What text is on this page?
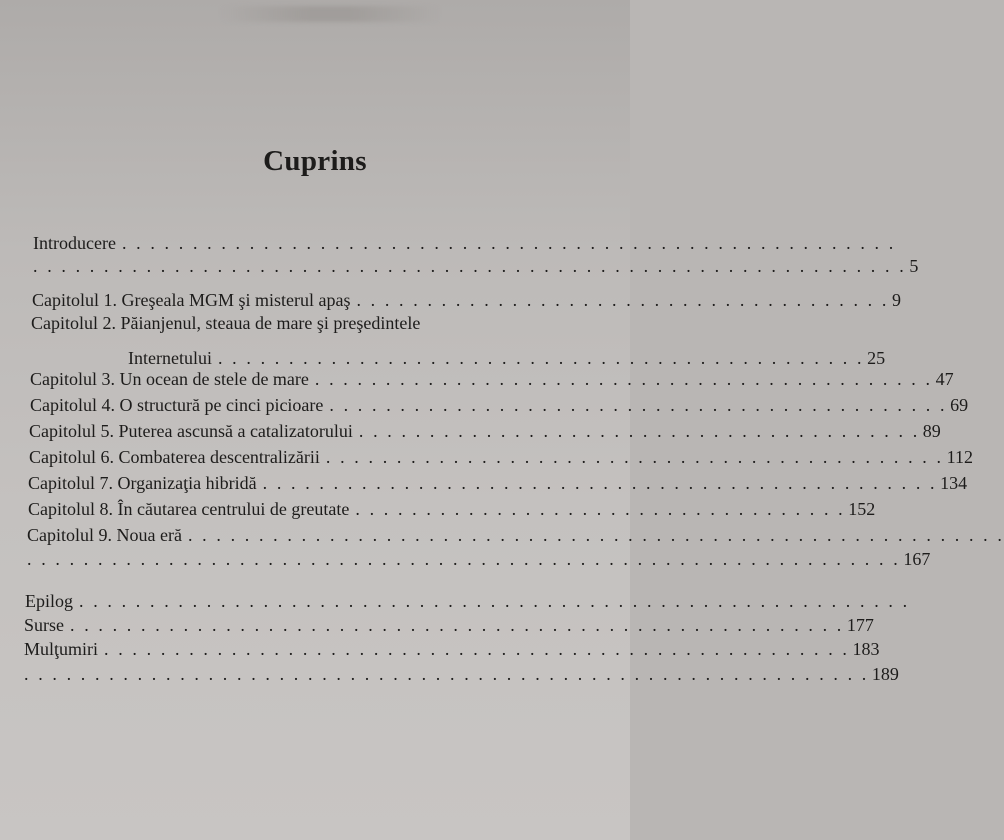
Cuprins
Introducere . . . . . . . . . . . . . . . . . . . . . . . . . . . . . . . . . . . . . . . . . . . . . . . . . . . . . . .
. . . . . . . . . . . . . . . . . . . . . . . . . . . . . . . . . . . . . . . . . . . . . . . . . . . . . . . . . . . . . . 5
Capitolul 1. Greşeala MGM şi misterul apaş . . . . . . . . . . . . . . . . . . . . . . . . . . . . . . . . . . . . . . 9
Capitolul 2. Păianjenul, steaua de mare şi preşedintele
Internetului . . . . . . . . . . . . . . . . . . . . . . . . . . . . . . . . . . . . . . . . . . . . . . 25
Capitolul 3. Un ocean de stele de mare . . . . . . . . . . . . . . . . . . . . . . . . . . . . . . . . . . . . . . . . . . . . 47
Capitolul 4. O structură pe cinci picioare . . . . . . . . . . . . . . . . . . . . . . . . . . . . . . . . . . . . . . . . . . . . 69
Capitolul 5. Puterea ascunsă a catalizatorului . . . . . . . . . . . . . . . . . . . . . . . . . . . . . . . . . . . . . . . . 89
Capitolul 6. Combaterea descentralizării . . . . . . . . . . . . . . . . . . . . . . . . . . . . . . . . . . . . . . . . . . . . 112
Capitolul 7. Organizaţia hibridă . . . . . . . . . . . . . . . . . . . . . . . . . . . . . . . . . . . . . . . . . . . . . . . . 134
Capitolul 8. În căutarea centrului de greutate . . . . . . . . . . . . . . . . . . . . . . . . . . . . . . . . . . . 152
Capitolul 9. Noua eră . . . . . . . . . . . . . . . . . . . . . . . . . . . . . . . . . . . . . . . . . . . . . . . . . . . . . . . . . .
. . . . . . . . . . . . . . . . . . . . . . . . . . . . . . . . . . . . . . . . . . . . . . . . . . . . . . . . . . . . . . 167
Epilog . . . . . . . . . . . . . . . . . . . . . . . . . . . . . . . . . . . . . . . . . . . . . . . . . . . . . . . . . . .
Surse . . . . . . . . . . . . . . . . . . . . . . . . . . . . . . . . . . . . . . . . . . . . . . . . . . . . . . . 177
Mulţumiri . . . . . . . . . . . . . . . . . . . . . . . . . . . . . . . . . . . . . . . . . . . . . . . . . . . . . 183
. . . . . . . . . . . . . . . . . . . . . . . . . . . . . . . . . . . . . . . . . . . . . . . . . . . . . . . . . . . . 189
